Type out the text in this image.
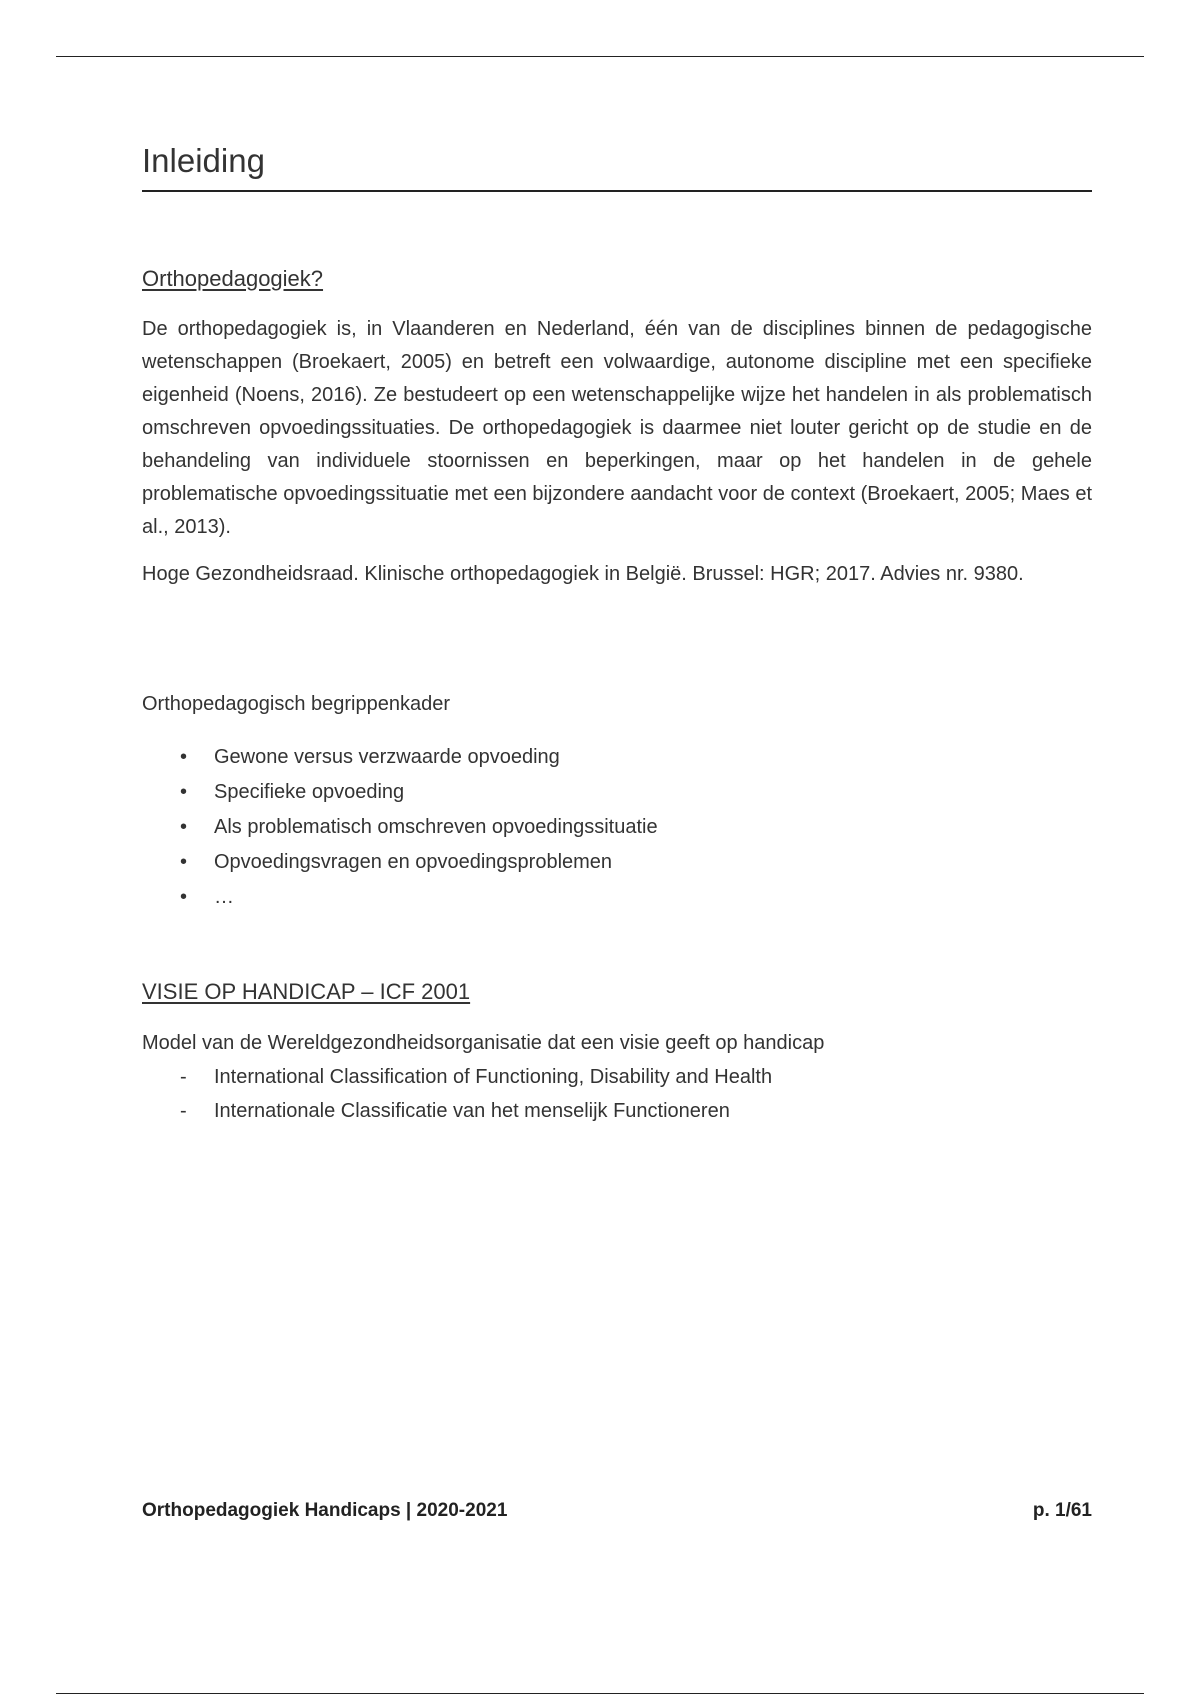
Inleiding
Orthopedagogiek?

De orthopedagogiek is, in Vlaanderen en Nederland, één van de disciplines binnen de pedagogische wetenschappen (Broekaert, 2005) en betreft een volwaardige, autonome discipline met een specifieke eigenheid (Noens, 2016). Ze bestudeert op een wetenschappelijke wijze het handelen in als problematisch omschreven opvoedingssituaties. De orthopedagogiek is daarmee niet louter gericht op de studie en de behandeling van individuele stoornissen en beperkingen, maar op het handelen in de gehele problematische opvoedingssituatie met een bijzondere aandacht voor de context (Broekaert, 2005; Maes et al., 2013).

Hoge Gezondheidsraad. Klinische orthopedagogiek in België. Brussel: HGR; 2017. Advies nr. 9380.

Orthopedagogisch begrippenkader

• Gewone versus verzwaarde opvoeding
• Specifieke opvoeding
• Als problematisch omschreven opvoedingssituatie
• Opvoedingsvragen en opvoedingsproblemen
• …
VISIE OP HANDICAP – ICF 2001

Model van de Wereldgezondheidsorganisatie dat een visie geeft op handicap

- International Classification of Functioning, Disability and Health
- Internationale Classificatie van het menselijk Functioneren
Orthopedagogiek Handicaps | 2020-2021	p. 1/61
